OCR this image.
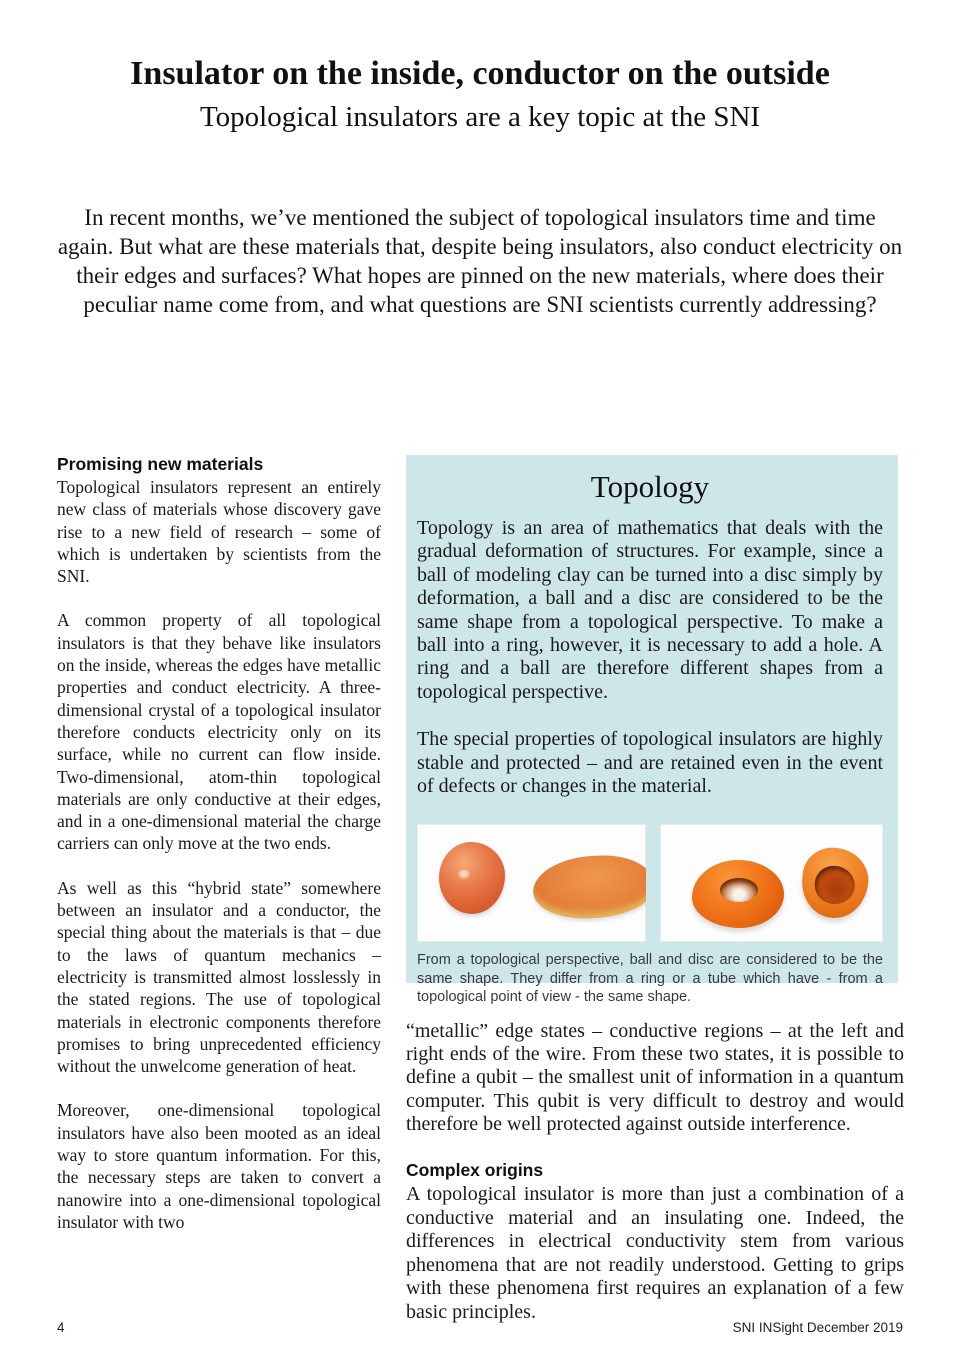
Insulator on the inside, conductor on the outside
Topological insulators are a key topic at the SNI
In recent months, we’ve mentioned the subject of topological insulators time and time again. But what are these materials that, despite being insulators, also conduct electricity on their edges and surfaces? What hopes are pinned on the new materials, where does their peculiar name come from, and what questions are SNI scientists currently addressing?
Promising new materials

Topological insulators represent an entirely new class of materials whose discovery gave rise to a new field of research – some of which is undertaken by scientists from the SNI.

A common property of all topological insulators is that they behave like insulators on the inside, whereas the edges have metallic properties and conduct electricity. A three-dimensional crystal of a topological insulator therefore conducts electricity only on its surface, while no current can flow inside. Two-dimensional, atom-thin topological materials are only conductive at their edges, and in a one-dimensional material the charge carriers can only move at the two ends.

As well as this “hybrid state” somewhere between an insulator and a conductor, the special thing about the materials is that – due to the laws of quantum mechanics – electricity is transmitted almost losslessly in the stated regions. The use of topological materials in electronic components therefore promises to bring unprecedented efficiency without the unwelcome generation of heat.

Moreover, one-dimensional topological insulators have also been mooted as an ideal way to store quantum information. For this, the necessary steps are taken to convert a nanowire into a one-dimensional topological insulator with two

Topology

Topology is an area of mathematics that deals with the gradual deformation of structures. For example, since a ball of modeling clay can be turned into a disc simply by deformation, a ball and a disc are considered to be the same shape from a topological perspective. To make a ball into a ring, however, it is necessary to add a hole. A ring and a ball are therefore different shapes from a topological perspective.

The special properties of topological insulators are highly stable and protected – and are retained even in the event of defects or changes in the material.

From a topological perspective, ball and disc are considered to be the same shape. They differ from a ring or a tube which have - from a topological point of view - the same shape.

“metallic” edge states – conductive regions – at the left and right ends of the wire. From these two states, it is possible to define a qubit – the smallest unit of information in a quantum computer. This qubit is very difficult to destroy and would therefore be well protected against outside interference.

Complex origins

A topological insulator is more than just a combination of a conductive material and an insulating one. Indeed, the differences in electrical conductivity stem from various phenomena that are not readily understood. Getting to grips with these phenomena first requires an explanation of a few basic principles.

4	SNI INSight December 2019
